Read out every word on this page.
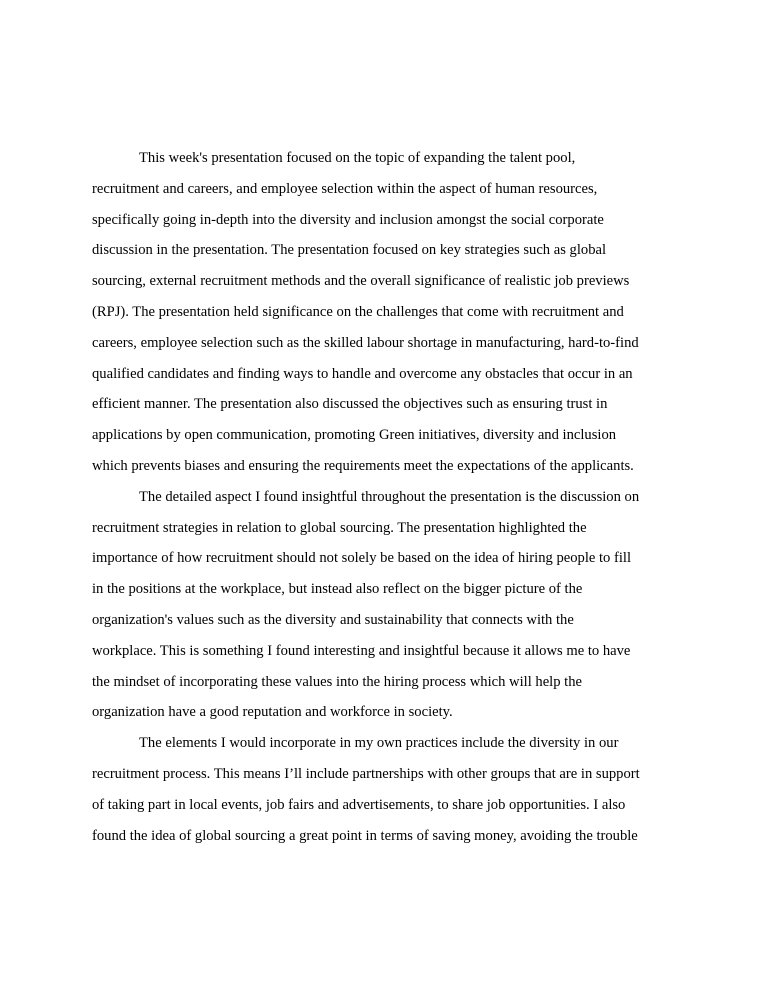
This week's presentation focused on the topic of expanding the talent pool,
recruitment and careers, and employee selection within the aspect of human resources,
specifically going in-depth into the diversity and inclusion amongst the social corporate
discussion in the presentation. The presentation focused on key strategies such as global
sourcing, external recruitment methods and the overall significance of realistic job previews
(RPJ). The presentation held significance on the challenges that come with recruitment and
careers, employee selection such as the skilled labour shortage in manufacturing, hard-to-find
qualified candidates and finding ways to handle and overcome any obstacles that occur in an
efficient manner. The presentation also discussed the objectives such as ensuring trust in
applications by open communication, promoting Green initiatives, diversity and inclusion
which prevents biases and ensuring the requirements meet the expectations of the applicants.

The detailed aspect I found insightful throughout the presentation is the discussion on
recruitment strategies in relation to global sourcing. The presentation highlighted the
importance of how recruitment should not solely be based on the idea of hiring people to fill
in the positions at the workplace, but instead also reflect on the bigger picture of the
organization's values such as the diversity and sustainability that connects with the
workplace. This is something I found interesting and insightful because it allows me to have
the mindset of incorporating these values into the hiring process which will help the
organization have a good reputation and workforce in society.

The elements I would incorporate in my own practices include the diversity in our
recruitment process. This means I’ll include partnerships with other groups that are in support
of taking part in local events, job fairs and advertisements, to share job opportunities. I also
found the idea of global sourcing a great point in terms of saving money, avoiding the trouble
